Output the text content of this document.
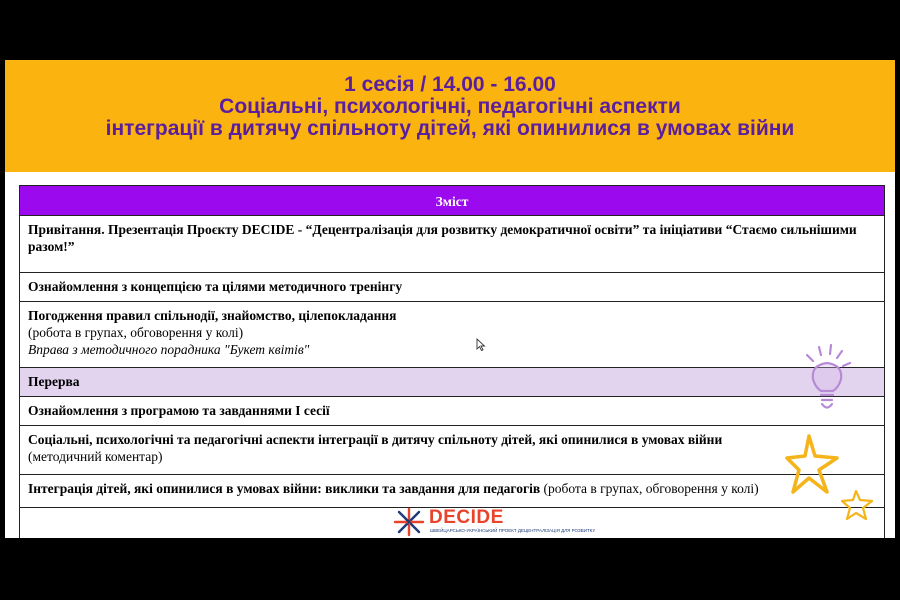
1 сесія / 14.00 - 16.00
Соціальні, психологічні, педагогічні аспекти
інтеграції в дитячу спільноту дітей, які опинилися в умовах війни
Зміст
Привітання. Презентація Проєкту DECIDE - “Децентралізація для розвитку демократичної освіти” та ініціативи “Стаємо сильнішими разом!”
Ознайомлення з концепцією та цілями методичного тренінгу
Погодження правил спільнодії, знайомство, цілепокладання
(робота в групах, обговорення у колі)
Вправа з методичного порадника "Букет квітів"
Перерва
Ознайомлення з програмою та завданнями І сесії
Соціальні, психологічні та педагогічні аспекти інтеграції в дитячу спільноту дітей, які опинилися в умовах війни
(методичний коментар)
Інтеграція дітей, які опинилися в умовах війни: виклики та завдання для педагогів (робота в групах, обговорення у колі)

DECIDE
ШВЕЙЦАРСЬКО-УКРАЇНСЬКИЙ ПРОЕКТ ДЕЦЕНТРАЛІЗАЦІЯ ДЛЯ РОЗВИТКУ
